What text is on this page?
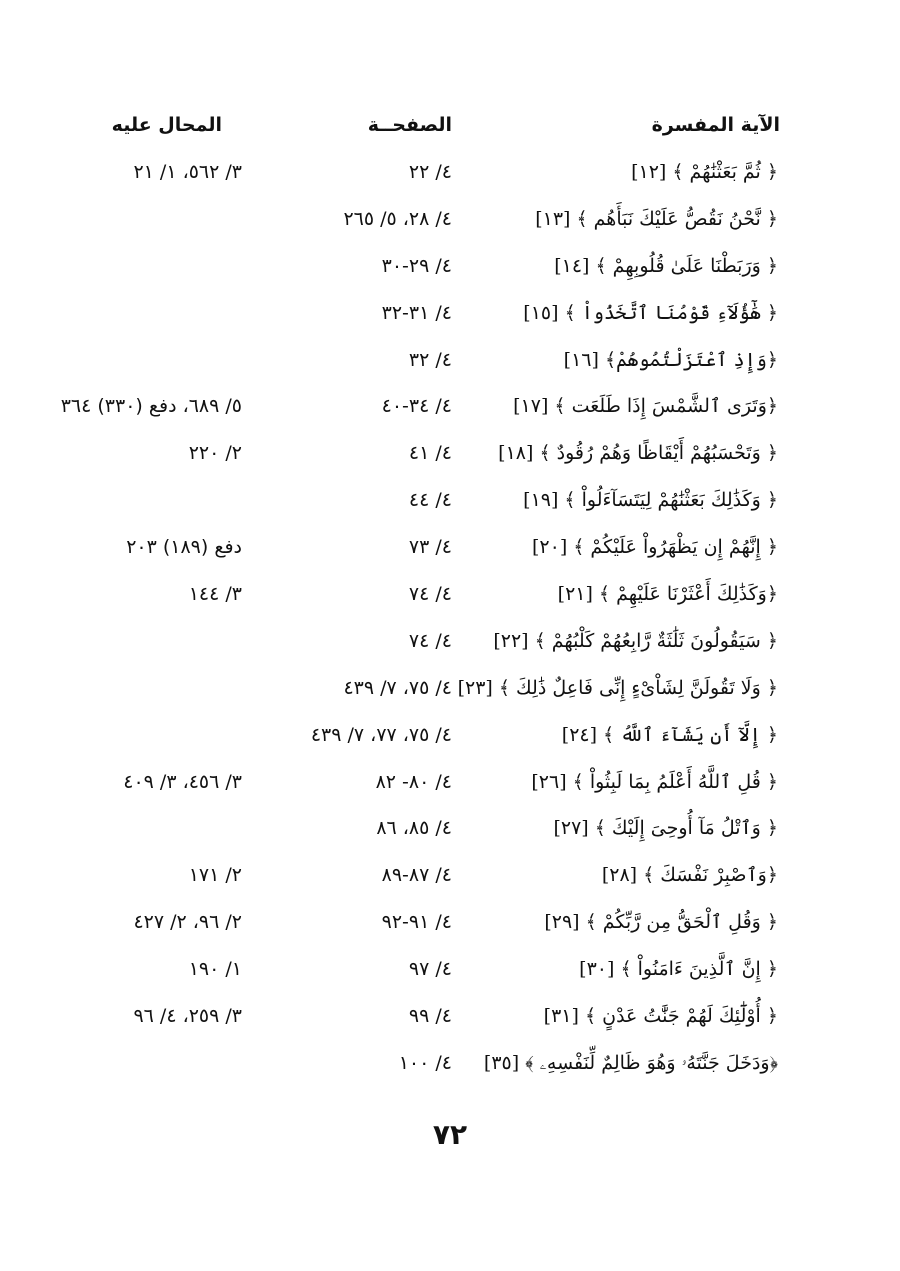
الآية المفسرة
الصفحــة
المحال عليه
﴿ ثُمَّ بَعَثْنَٰهُمْ ﴾ [١٢]
٤/ ٢٢
٣/ ٥٦٢، ١/ ٢١
﴿ نَّحْنُ نَقُصُّ عَلَيْكَ نَبَأَهُم ﴾ [١٣]
٤/ ٢٨، ٥/ ٢٦٥
﴿ وَرَبَطْنَا عَلَىٰ قُلُوبِهِمْ ﴾ [١٤]
٤/ ٢٩-٣٠
﴿ هَٰٓؤُلَآءِ قَوْمُنَا ٱتَّخَذُواْ ﴾ [١٥]
٤/ ٣١-٣٢
﴿وَإِذِ ٱعْتَزَلْتُمُوهُمْ﴾ [١٦]
٤/ ٣٢
﴿وَتَرَى ٱلشَّمْسَ إِذَا طَلَعَت ﴾ [١٧]
٤/ ٣٤-٤٠
٥/ ٦٨٩، دفع (٣٣٠) ٣٦٤
﴿ وَتَحْسَبُهُمْ أَيْقَاظًا وَهُمْ رُقُودٌ ﴾ [١٨]
٤/ ٤١
٢/ ٢٢٠
﴿ وَكَذَٰلِكَ بَعَثْنَٰهُمْ لِيَتَسَآءَلُواْ ﴾ [١٩]
٤/ ٤٤
﴿ إِنَّهُمْ إِن يَظْهَرُواْ عَلَيْكُمْ ﴾ [٢٠]
٤/ ٧٣
دفع (١٨٩) ٢٠٣
﴿وَكَذَٰلِكَ أَعْثَرْنَا عَلَيْهِمْ ﴾ [٢١]
٤/ ٧٤
٣/ ١٤٤
﴿ سَيَقُولُونَ ثَلَٰثَةٌ رَّابِعُهُمْ كَلْبُهُمْ ﴾ [٢٢]
٤/ ٧٤
﴿ وَلَا تَقُولَنَّ لِشَاْىْءٍ إِنِّى فَاعِلٌ ذَٰلِكَ ﴾ [٢٣]
٤/ ٧٥، ٧/ ٤٣٩
﴿ إِلَّآ أَن يَشَآءَ ٱللَّهُ ﴾ [٢٤]
٤/ ٧٥، ٧٧، ٧/ ٤٣٩
﴿ قُلِ ٱللَّهُ أَعْلَمُ بِمَا لَبِثُواْ ﴾ [٢٦]
٤/ ٨٠- ٨٢
٣/ ٤٥٦، ٣/ ٤٠٩
﴿ وَٱتْلُ مَآ أُوحِىَ إِلَيْكَ ﴾ [٢٧]
٤/ ٨٥، ٨٦
﴿وَٱصْبِرْ نَفْسَكَ ﴾ [٢٨]
٤/ ٨٧-٨٩
٢/ ١٧١
﴿ وَقُلِ ٱلْحَقُّ مِن رَّبِّكُمْ ﴾ [٢٩]
٤/ ٩١-٩٢
٢/ ٩٦، ٢/ ٤٢٧
﴿ إِنَّ ٱلَّذِينَ ءَامَنُواْ ﴾ [٣٠]
٤/ ٩٧
١/ ١٩٠
﴿ أُوْلَٰٓئِكَ لَهُمْ جَنَّٰتُ عَدْنٍ ﴾ [٣١]
٤/ ٩٩
٣/ ٢٥٩، ٤/ ٩٦
﴿وَدَخَلَ جَنَّتَهُۥ وَهُوَ ظَالِمٌ لِّنَفْسِهِۦ ﴾ [٣٥]
٤/ ١٠٠
٧٢
